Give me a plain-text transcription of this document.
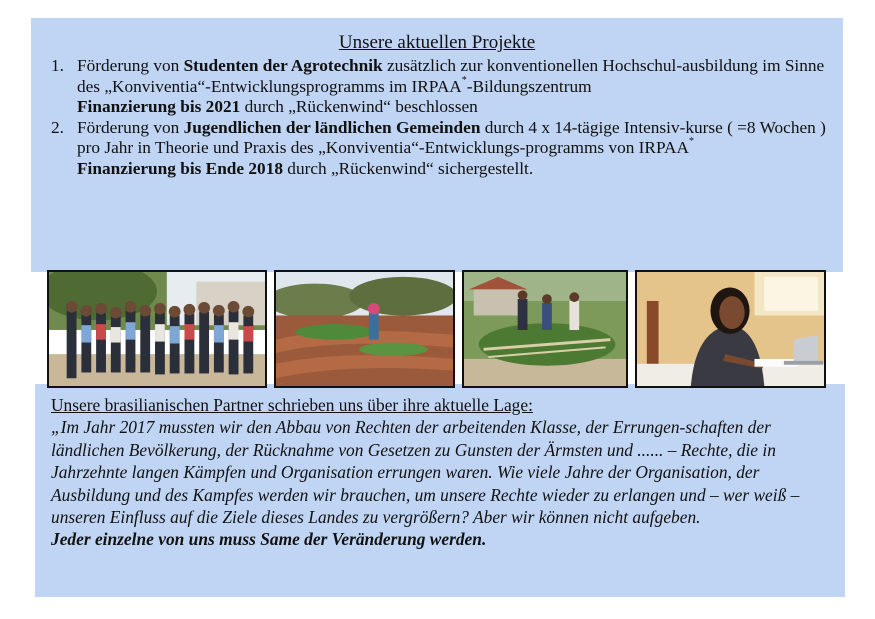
Unsere aktuellen Projekte
1. Förderung von Studenten der Agrotechnik zusätzlich zur konventionellen Hochschul-ausbildung im Sinne des „Konviventia“-Entwicklungsprogramms im IRPAA*-Bildungszentrum
Finanzierung bis 2021 durch „Rückenwind“ beschlossen
2. Förderung von Jugendlichen der ländlichen Gemeinden durch 4 x 14-tägige Intensiv-kurse ( =8 Wochen ) pro Jahr in Theorie und Praxis des „Konviventia“-Entwicklungs-programms von IRPAA*
Finanzierung bis Ende 2018 durch „Rückenwind“ sichergestellt.
Unsere brasilianischen Partner schrieben uns über ihre aktuelle Lage:
„Im Jahr 2017 mussten wir den Abbau von Rechten der arbeitenden Klasse, der Errungen-schaften der ländlichen Bevölkerung, der Rücknahme von Gesetzen zu Gunsten der Ärmsten und ...... – Rechte, die in Jahrzehnte langen Kämpfen und Organisation errungen waren. Wie viele Jahre der Organisation, der Ausbildung und des Kampfes werden wir brauchen, um unsere Rechte wieder zu erlangen und – wer weiß – unseren Einfluss auf die Ziele dieses Landes zu vergrößern? Aber wir können nicht aufgeben.
Jeder einzelne von uns muss Same der Veränderung werden.
